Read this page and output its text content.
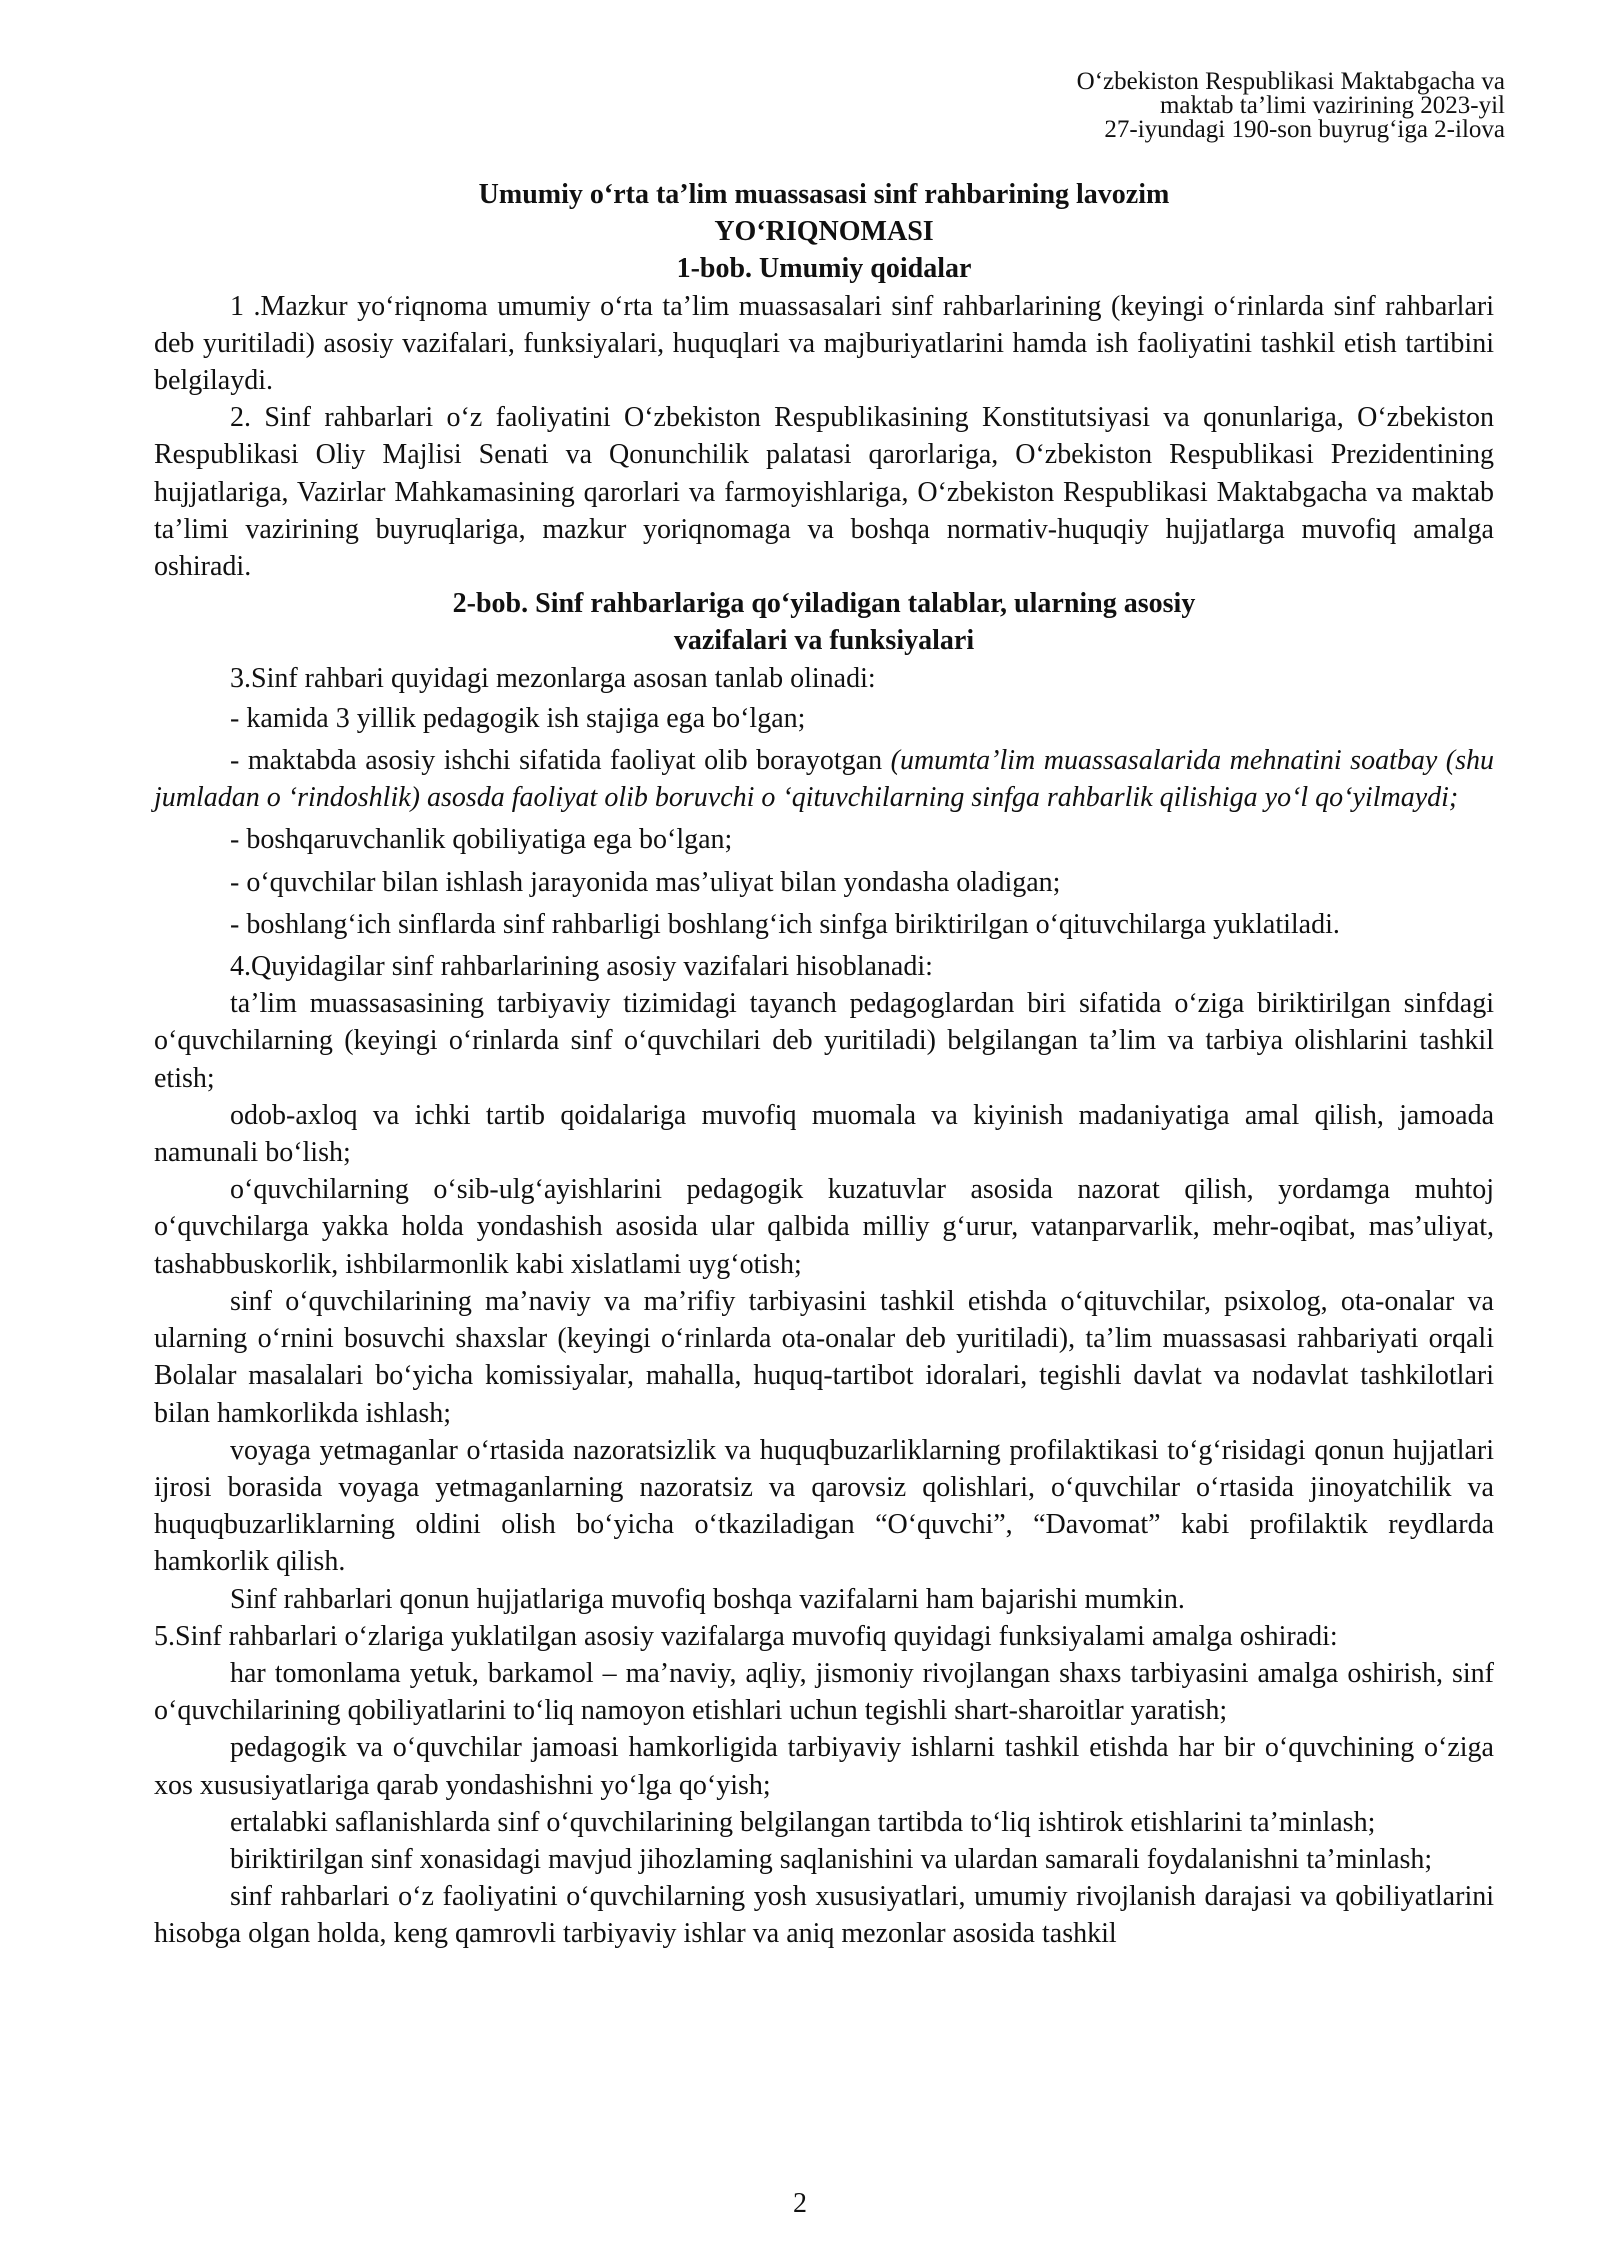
O‘zbekiston Respublikasi Maktabgacha va
maktab ta’limi vazirining 2023-yil
27-iyundagi 190-son buyrug‘iga 2-ilova

Umumiy o‘rta ta’lim muassasasi sinf rahbarining lavozim

YO‘RIQNOMASI

1-bob. Umumiy qoidalar

1 .Mazkur yo‘riqnoma umumiy o‘rta ta’lim muassasalari sinf rahbarlarining (keyingi o‘rinlarda sinf rahbarlari deb yuritiladi) asosiy vazifalari, funksiyalari, huquqlari va majburiyatlarini hamda ish faoliyatini tashkil etish tartibini belgilaydi.

2. Sinf rahbarlari o‘z faoliyatini O‘zbekiston Respublikasining Konstitutsiyasi va qonunlariga, O‘zbekiston Respublikasi Oliy Majlisi Senati va Qonunchilik palatasi qarorlariga, O‘zbekiston Respublikasi Prezidentining hujjatlariga, Vazirlar Mahkamasining qarorlari va farmoyishlariga, O‘zbekiston Respublikasi Maktabgacha va maktab ta’limi vazirining buyruqlariga, mazkur yoriqnomaga va boshqa normativ-huquqiy hujjatlarga muvofiq amalga oshiradi.

2-bob. Sinf rahbarlariga qo‘yiladigan talablar, ularning asosiy

vazifalari va funksiyalari

3.Sinf rahbari quyidagi mezonlarga asosan tanlab olinadi:

- kamida 3 yillik pedagogik ish stajiga ega bo‘lgan;

- maktabda asosiy ishchi sifatida faoliyat olib borayotgan (umumta’lim muassasalarida mehnatini soatbay (shu jumladan o ‘rindoshlik) asosda faoliyat olib boruvchi o ‘qituvchilarning sinfga rahbarlik qilishiga yo‘l qo‘yilmaydi;

- boshqaruvchanlik qobiliyatiga ega bo‘lgan;

- o‘quvchilar bilan ishlash jarayonida mas’uliyat bilan yondasha oladigan;

- boshlang‘ich sinflarda sinf rahbarligi boshlang‘ich sinfga biriktirilgan o‘qituvchilarga yuklatiladi.

4.Quyidagilar sinf rahbarlarining asosiy vazifalari hisoblanadi:

ta’lim muassasasining tarbiyaviy tizimidagi tayanch pedagoglardan biri sifatida o‘ziga biriktirilgan sinfdagi o‘quvchilarning (keyingi o‘rinlarda sinf o‘quvchilari deb yuritiladi) belgilangan ta’lim va tarbiya olishlarini tashkil etish;

odob-axloq va ichki tartib qoidalariga muvofiq muomala va kiyinish madaniyatiga amal qilish, jamoada namunali bo‘lish;

o‘quvchilarning o‘sib-ulg‘ayishlarini pedagogik kuzatuvlar asosida nazorat qilish, yordamga muhtoj o‘quvchilarga yakka holda yondashish asosida ular qalbida milliy g‘urur, vatanparvarlik, mehr-oqibat, mas’uliyat, tashabbuskorlik, ishbilarmonlik kabi xislatlami uyg‘otish;

sinf o‘quvchilarining ma’naviy va ma’rifiy tarbiyasini tashkil etishda o‘qituvchilar, psixolog, ota-onalar va ularning o‘rnini bosuvchi shaxslar (keyingi o‘rinlarda ota-onalar deb yuritiladi), ta’lim muassasasi rahbariyati orqali Bolalar masalalari bo‘yicha komissiyalar, mahalla, huquq-tartibot idoralari, tegishli davlat va nodavlat tashkilotlari bilan hamkorlikda ishlash;

voyaga yetmaganlar o‘rtasida nazoratsizlik va huquqbuzarliklarning profilaktikasi to‘g‘risidagi qonun hujjatlari ijrosi borasida voyaga yetmaganlarning nazoratsiz va qarovsiz qolishlari, o‘quvchilar o‘rtasida jinoyatchilik va huquqbuzarliklarning oldini olish bo‘yicha o‘tkaziladigan “O‘quvchi”, “Davomat” kabi profilaktik reydlarda hamkorlik qilish.

Sinf rahbarlari qonun hujjatlariga muvofiq boshqa vazifalarni ham bajarishi mumkin.

5.Sinf rahbarlari o‘zlariga yuklatilgan asosiy vazifalarga muvofiq quyidagi funksiyalami amalga oshiradi:

har tomonlama yetuk, barkamol – ma’naviy, aqliy, jismoniy rivojlangan shaxs tarbiyasini amalga oshirish, sinf o‘quvchilarining qobiliyatlarini to‘liq namoyon etishlari uchun tegishli shart-sharoitlar yaratish;

pedagogik va o‘quvchilar jamoasi hamkorligida tarbiyaviy ishlarni tashkil etishda har bir o‘quvchining o‘ziga xos xususiyatlariga qarab yondashishni yo‘lga qo‘yish;

ertalabki saflanishlarda sinf o‘quvchilarining belgilangan tartibda to‘liq ishtirok etishlarini ta’minlash;

biriktirilgan sinf xonasidagi mavjud jihozlaming saqlanishini va ulardan samarali foydalanishni ta’minlash;

sinf rahbarlari o‘z faoliyatini o‘quvchilarning yosh xususiyatlari, umumiy rivojlanish darajasi va qobiliyatlarini hisobga olgan holda, keng qamrovli tarbiyaviy ishlar va aniq mezonlar asosida tashkil

2
